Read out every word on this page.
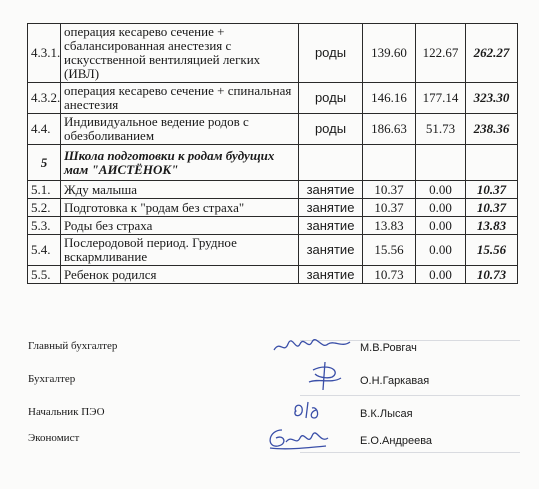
4.3.1.	операция кесарево сечение + сбалансированная анестезия с искусственной вентиляцией легких (ИВЛ)	роды	139.60	122.67	262.27
4.3.2.	операция кесарево сечение + спинальная анестезия	роды	146.16	177.14	323.30
4.4.	Индивидуальное ведение родов с обезболиванием	роды	186.63	51.73	238.36
5	Школа подготовки к родам будущих мам "АИСТЁНОК"				
5.1.	Жду малыша	занятие	10.37	0.00	10.37
5.2.	Подготовка к "родам без страха"	занятие	10.37	0.00	10.37
5.3.	Роды без страха	занятие	13.83	0.00	13.83
5.4.	Послеродовой период. Грудное вскармливание	занятие	15.56	0.00	15.56
5.5.	Ребенок родился	занятие	10.73	0.00	10.73
Главный бухгалтер	М.В.Ровгач
Бухгалтер	О.Н.Гаркавая
Начальник ПЭО	В.К.Лысая
Экономист	Е.О.Андреева
